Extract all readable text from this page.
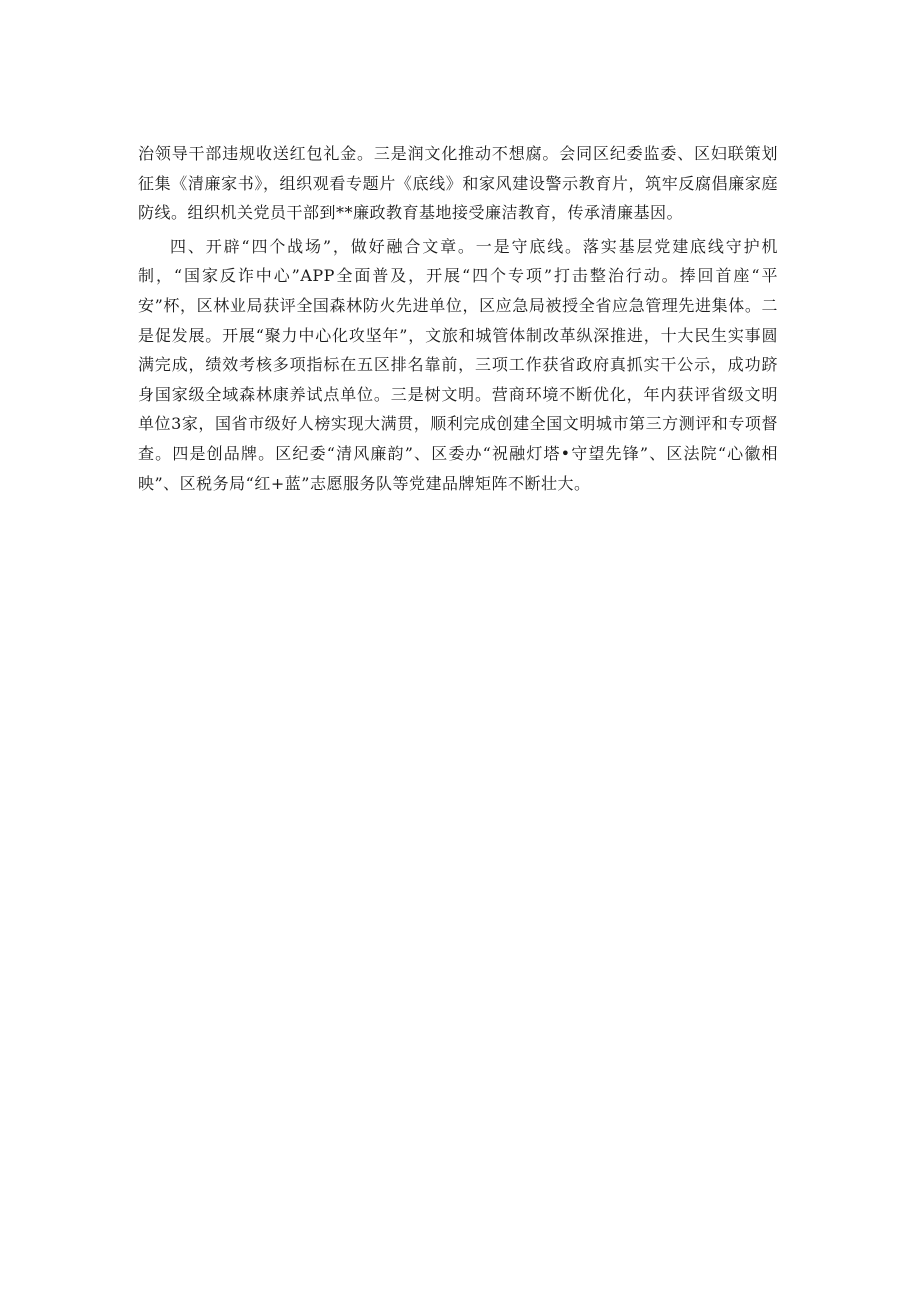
治领导干部违规收送红包礼金。三是润文化推动不想腐。会同区纪委监委、区妇联策划征集《清廉家书》，组织观看专题片《底线》和家风建设警示教育片，筑牢反腐倡廉家庭防线。组织机关党员干部到**廉政教育基地接受廉洁教育，传承清廉基因。

四、开辟“四个战场”，做好融合文章。一是守底线。落实基层党建底线守护机制，“国家反诈中心”APP全面普及，开展“四个专项”打击整治行动。捧回首座“平安”杯，区林业局获评全国森林防火先进单位，区应急局被授全省应急管理先进集体。二是促发展。开展“聚力中心化攻坚年”，文旅和城管体制改革纵深推进，十大民生实事圆满完成，绩效考核多项指标在五区排名靠前，三项工作获省政府真抓实干公示，成功跻身国家级全域森林康养试点单位。三是树文明。营商环境不断优化，年内获评省级文明单位3家，国省市级好人榜实现大满贯，顺利完成创建全国文明城市第三方测评和专项督查。四是创品牌。区纪委“清风廉韵”、区委办“祝融灯塔•守望先锋”、区法院“心徽相映”、区税务局“红+蓝”志愿服务队等党建品牌矩阵不断壮大。
